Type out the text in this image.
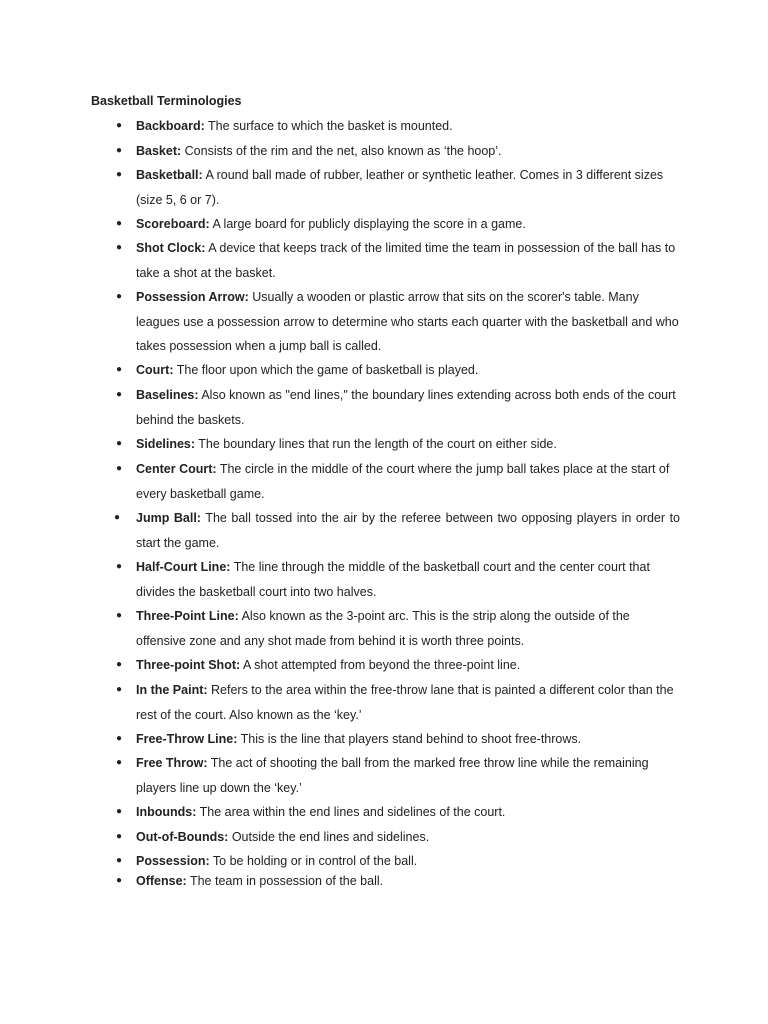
Basketball Terminologies
● Backboard: The surface to which the basket is mounted.
● Basket: Consists of the rim and the net, also known as ‘the hoop’.
● Basketball: A round ball made of rubber, leather or synthetic leather. Comes in 3 different sizes (size 5, 6 or 7).
● Scoreboard: A large board for publicly displaying the score in a game.
● Shot Clock: A device that keeps track of the limited time the team in possession of the ball has to take a shot at the basket.
● Possession Arrow: Usually a wooden or plastic arrow that sits on the scorer's table. Many leagues use a possession arrow to determine who starts each quarter with the basketball and who takes possession when a jump ball is called.
● Court: The floor upon which the game of basketball is played.
● Baselines: Also known as "end lines," the boundary lines extending across both ends of the court behind the baskets.
● Sidelines: The boundary lines that run the length of the court on either side.
● Center Court: The circle in the middle of the court where the jump ball takes place at the start of every basketball game.
●	Jump Ball: The ball tossed into the air by the referee between two opposing players in order to start the game.
● Half-Court Line: The line through the middle of the basketball court and the center court that divides the basketball court into two halves.
● Three-Point Line: Also known as the 3-point arc. This is the strip along the outside of the offensive zone and any shot made from behind it is worth three points.
● Three-point Shot: A shot attempted from beyond the three-point line.
● In the Paint: Refers to the area within the free-throw lane that is painted a different color than the rest of the court. Also known as the ‘key.’
● Free-Throw Line: This is the line that players stand behind to shoot free-throws.
● Free Throw: The act of shooting the ball from the marked free throw line while the remaining players line up down the ‘key.’
● Inbounds: The area within the end lines and sidelines of the court.
● Out-of-Bounds: Outside the end lines and sidelines.
● Possession: To be holding or in control of the ball.
● Offense: The team in possession of the ball.
